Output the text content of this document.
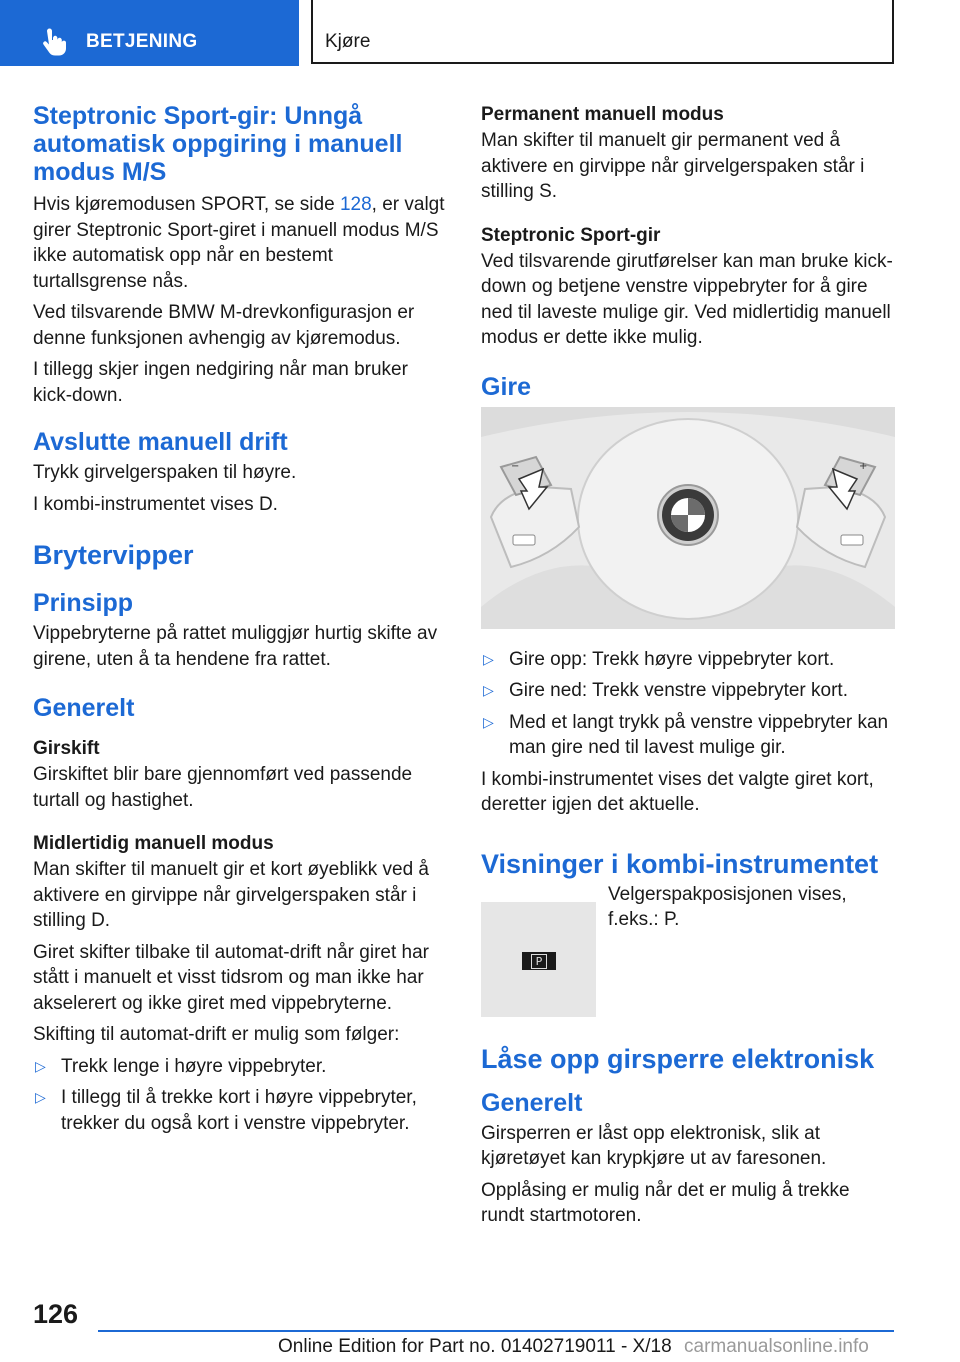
BETJENING	Kjøre
Steptronic Sport-gir: Unngå automatisk oppgiring i manuell modus M/S

Hvis kjøremodusen SPORT, se side 128, er valgt girer Steptronic Sport-giret i manuell modus M/S ikke automatisk opp når en bestemt turtallsgrense nås.

Ved tilsvarende BMW M-drevkonfigurasjon er denne funksjonen avhengig av kjøremodus.

I tillegg skjer ingen nedgiring når man bruker kick-down.

Avslutte manuell drift

Trykk girvelgerspaken til høyre.

I kombi-instrumentet vises D.

Brytervipper
Prinsipp

Vippebryterne på rattet muliggjør hurtig skifte av girene, uten å ta hendene fra rattet.

Generelt
Girskift

Girskiftet blir bare gjennomført ved passende turtall og hastighet.

Midlertidig manuell modus

Man skifter til manuelt gir et kort øyeblikk ved å aktivere en girvippe når girvelgerspaken står i stilling D.

Giret skifter tilbake til automat-drift når giret har stått i manuelt et visst tidsrom og man ikke har akselerert og ikke giret med vippebryterne.

Skifting til automat-drift er mulig som følger:

▷ Trekk lenge i høyre vippebryter.
▷ I tillegg til å trekke kort i høyre vippebryter, trekker du også kort i venstre vippebryter.
Permanent manuell modus

Man skifter til manuelt gir permanent ved å aktivere en girvippe når girvelgerspaken står i stilling S.

Steptronic Sport-gir

Ved tilsvarende girutførelser kan man bruke kick-down og betjene venstre vippebryter for å gire ned til laveste mulige gir. Ved midlertidig manuell modus er dette ikke mulig.

Gire
−	+
▷ Gire opp: Trekk høyre vippebryter kort.
▷ Gire ned: Trekk venstre vippebryter kort.
▷ Med et langt trykk på venstre vippebryter kan man gire ned til lavest mulige gir.

I kombi-instrumentet vises det valgte giret kort, deretter igjen det aktuelle.

Visninger i kombi-instrumentet
P

Velgerspakposisjonen vises, f.eks.: P.

Låse opp girsperre elektronisk
Generelt

Girsperren er låst opp elektronisk, slik at kjøretøyet kan krypkjøre ut av faresonen.

Opplåsing er mulig når det er mulig å trekke rundt startmotoren.

126
Online Edition for Part no. 01402719011 - X/18 carmanualsonline.info
